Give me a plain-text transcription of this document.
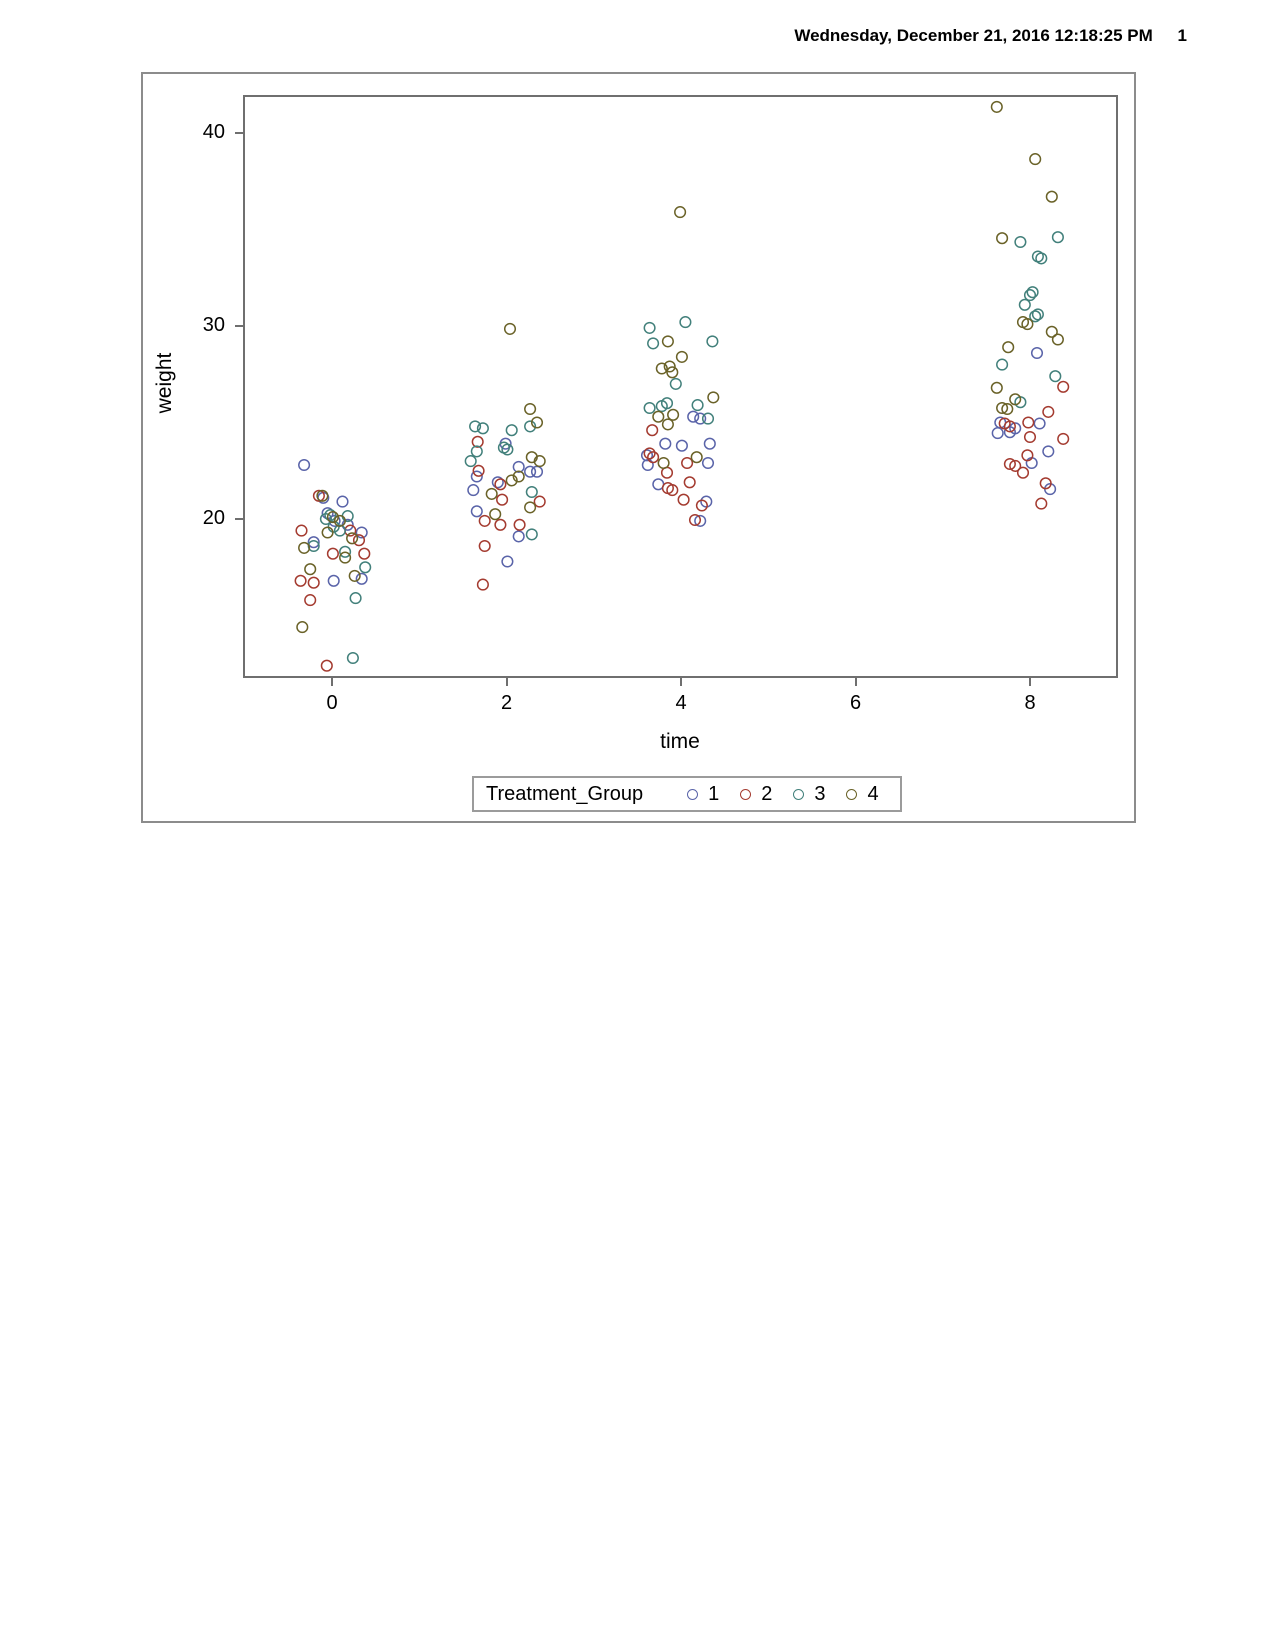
Wednesday, December 21, 2016 12:18:25 PM 1
0	2	4	6	8
20
30
40
time
weight
Treatment_Group	1 2 3 4
